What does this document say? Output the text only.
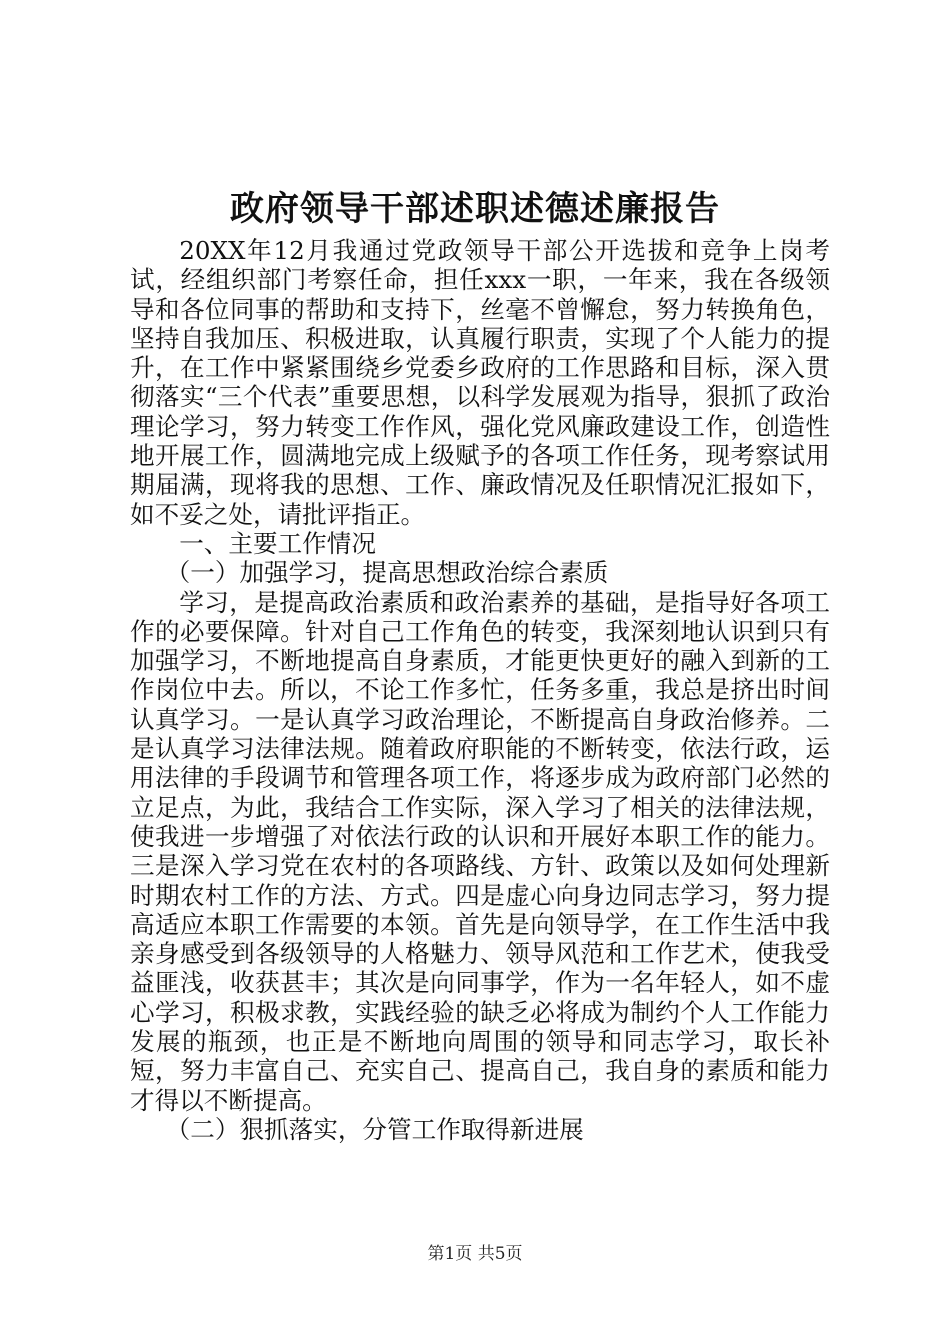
政府领导干部述职述德述廉报告

20XX年12月我通过党政领导干部公开选拔和竞争上岗考试，经组织部门考察任命，担任xxx一职，一年来，我在各级领导和各位同事的帮助和支持下，丝毫不曾懈怠，努力转换角色，坚持自我加压、积极进取，认真履行职责，实现了个人能力的提升，在工作中紧紧围绕乡党委乡政府的工作思路和目标，深入贯彻落实“三个代表”重要思想，以科学发展观为指导，狠抓了政治理论学习，努力转变工作作风，强化党风廉政建设工作，创造性地开展工作，圆满地完成上级赋予的各项工作任务，现考察试用期届满，现将我的思想、工作、廉政情况及任职情况汇报如下，如不妥之处，请批评指正。

一、主要工作情况

（一）加强学习，提高思想政治综合素质

学习，是提高政治素质和政治素养的基础，是指导好各项工作的必要保障。针对自己工作角色的转变，我深刻地认识到只有加强学习，不断地提高自身素质，才能更快更好的融入到新的工作岗位中去。所以，不论工作多忙，任务多重，我总是挤出时间认真学习。一是认真学习政治理论，不断提高自身政治修养。二是认真学习法律法规。随着政府职能的不断转变，依法行政，运用法律的手段调节和管理各项工作，将逐步成为政府部门必然的立足点，为此，我结合工作实际，深入学习了相关的法律法规，使我进一步增强了对依法行政的认识和开展好本职工作的能力。三是深入学习党在农村的各项路线、方针、政策以及如何处理新时期农村工作的方法、方式。四是虚心向身边同志学习，努力提高适应本职工作需要的本领。首先是向领导学，在工作生活中我亲身感受到各级领导的人格魅力、领导风范和工作艺术，使我受益匪浅，收获甚丰；其次是向同事学，作为一名年轻人，如不虚心学习，积极求教，实践经验的缺乏必将成为制约个人工作能力发展的瓶颈，也正是不断地向周围的领导和同志学习，取长补短，努力丰富自己、充实自己、提高自己，我自身的素质和能力才得以不断提高。

（二）狠抓落实，分管工作取得新进展

第1页 共5页
